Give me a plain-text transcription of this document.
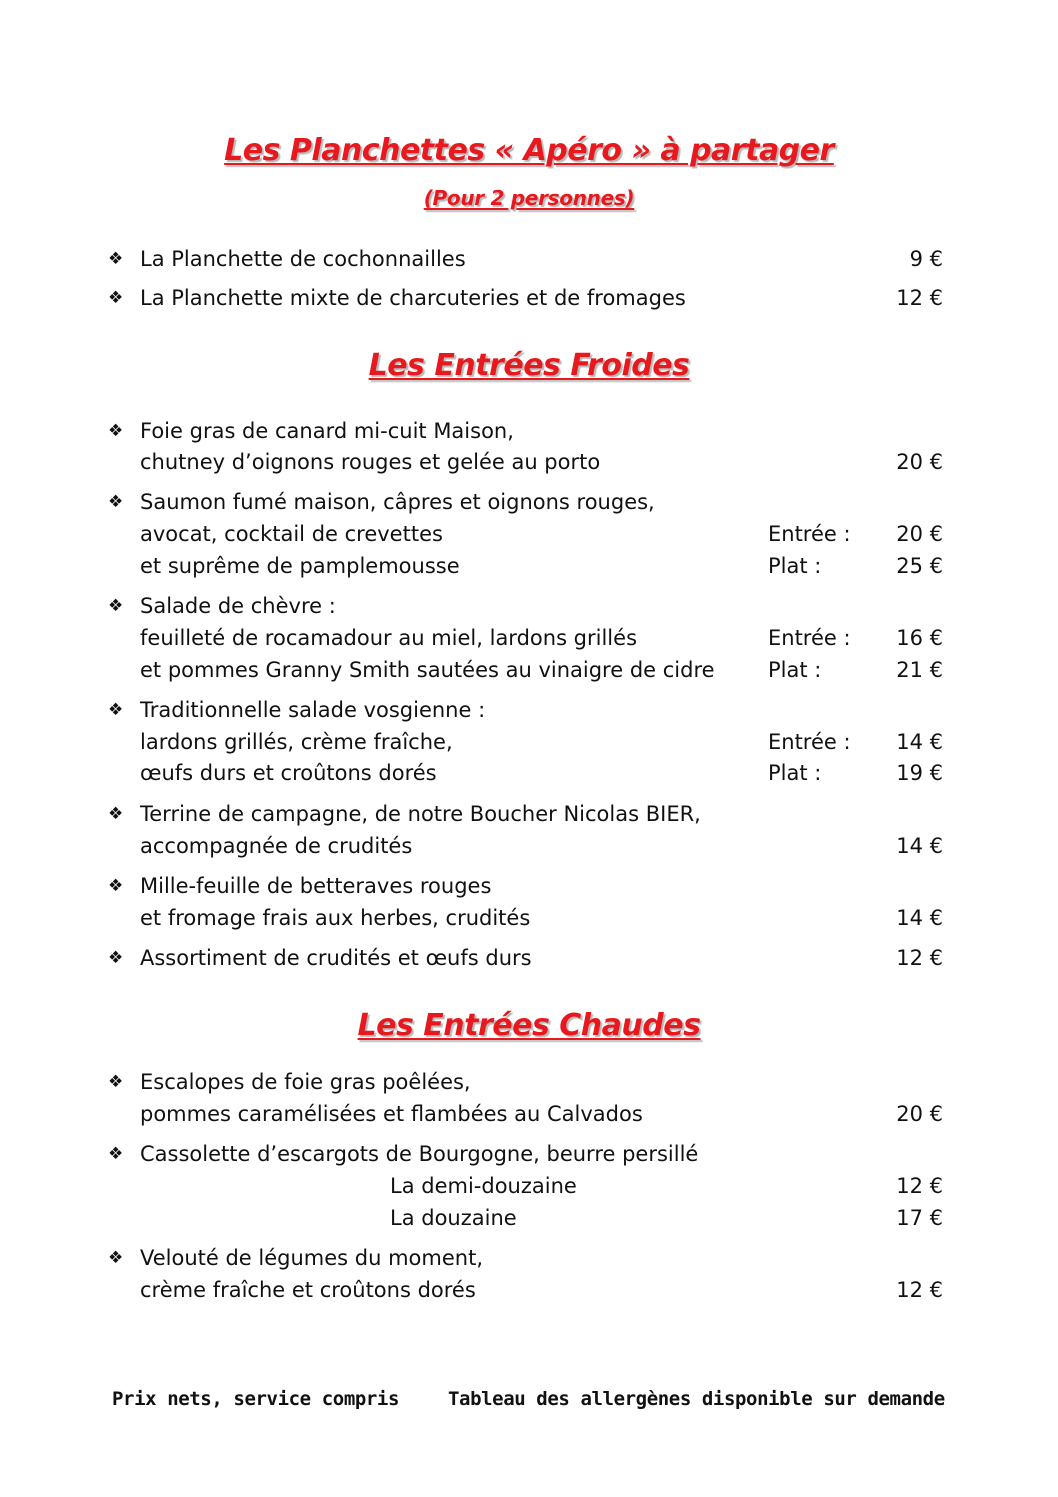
Les Planchettes « Apéro » à partager
(Pour 2 personnes)
❖ La Planchette de cochonnailles	9 €
❖ La Planchette mixte de charcuteries et de fromages	12 €
Les Entrées Froides
❖ Foie gras de canard mi-cuit Maison,
chutney d’oignons rouges et gelée au porto	20 €
❖ Saumon fumé maison, câpres et oignons rouges,
avocat, cocktail de crevettes	Entrée : 20 €
et suprême de pamplemousse	Plat :	25 €
❖ Salade de chèvre :
feuilleté de rocamadour au miel, lardons grillés	Entrée : 16 €
et pommes Granny Smith sautées au vinaigre de cidre	Plat :	21 €
❖ Traditionnelle salade vosgienne :
lardons grillés, crème fraîche,	Entrée : 14 €
œufs durs et croûtons dorés	Plat :	19 €
❖ Terrine de campagne, de notre Boucher Nicolas BIER,
accompagnée de crudités	14 €
❖ Mille-feuille de betteraves rouges
et fromage frais aux herbes, crudités	14 €
❖ Assortiment de crudités et œufs durs	12 €
Les Entrées Chaudes
❖ Escalopes de foie gras poêlées,
pommes caramélisées et flambées au Calvados	20 €
❖ Cassolette d’escargots de Bourgogne, beurre persillé
La demi-douzaine	12 €
La douzaine	17 €
❖ Velouté de légumes du moment,
crème fraîche et croûtons dorés	12 €
Prix nets, service compris	Tableau des allergènes disponible sur demande
